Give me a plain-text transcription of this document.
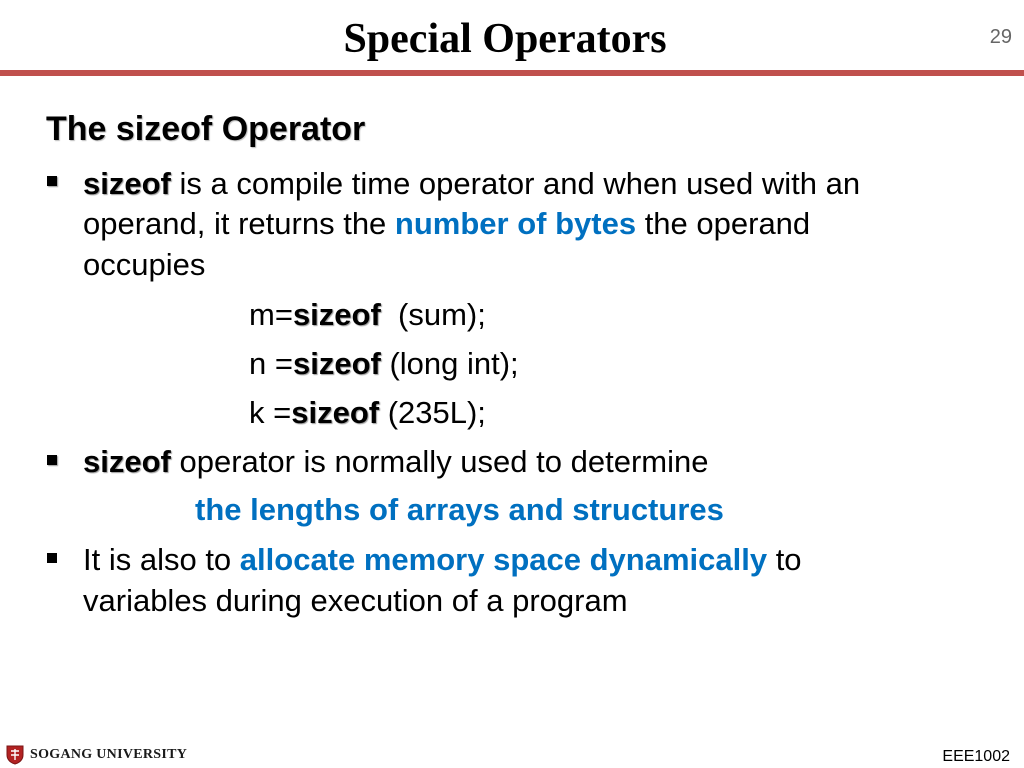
Special Operators	29
The sizeof Operator
sizeof is a compile time operator and when used with an
operand, it returns the number of bytes the operand
occupies
m=sizeof  (sum);
n =sizeof (long int);
k =sizeof (235L);
sizeof operator is normally used to determine
the lengths of arrays and structures
It is also to allocate memory space dynamically to
variables during execution of a program
SOGANG UNIVERSITY	EEE1002
